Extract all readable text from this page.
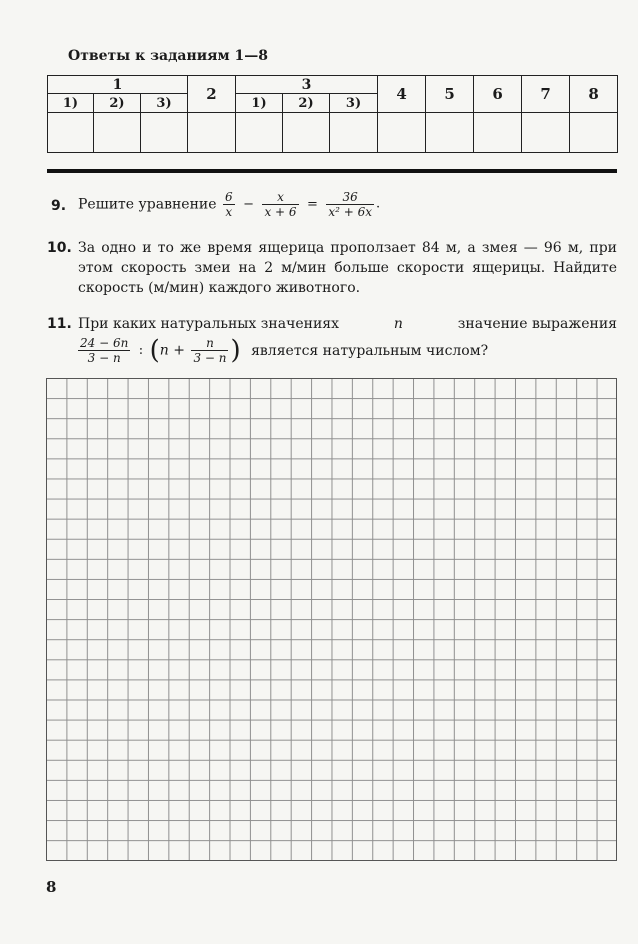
Ответы к заданиям 1—8
1			2	3			4	5	6	7	8
1)	2)	3)		1)	2)	3)					

9. Решите уравнение $\frac{6}{x} - \frac{x}{x + 6} = \frac{36}{\text{x² + 6x}}$ .
10. За одно и то же время ящерица проползает 84 м, а змея — 96 м, при этом скорость змеи на 2 м/мин больше скорости ящерицы. Найдите скорость (м/мин) каждого животного.
11. При каких натуральных значениях	n	значение выражения
$\frac{24 - 6n}{3 - n}$ : ($n + \frac{n}{3 - n}$ ) является натуральным числом?
8
